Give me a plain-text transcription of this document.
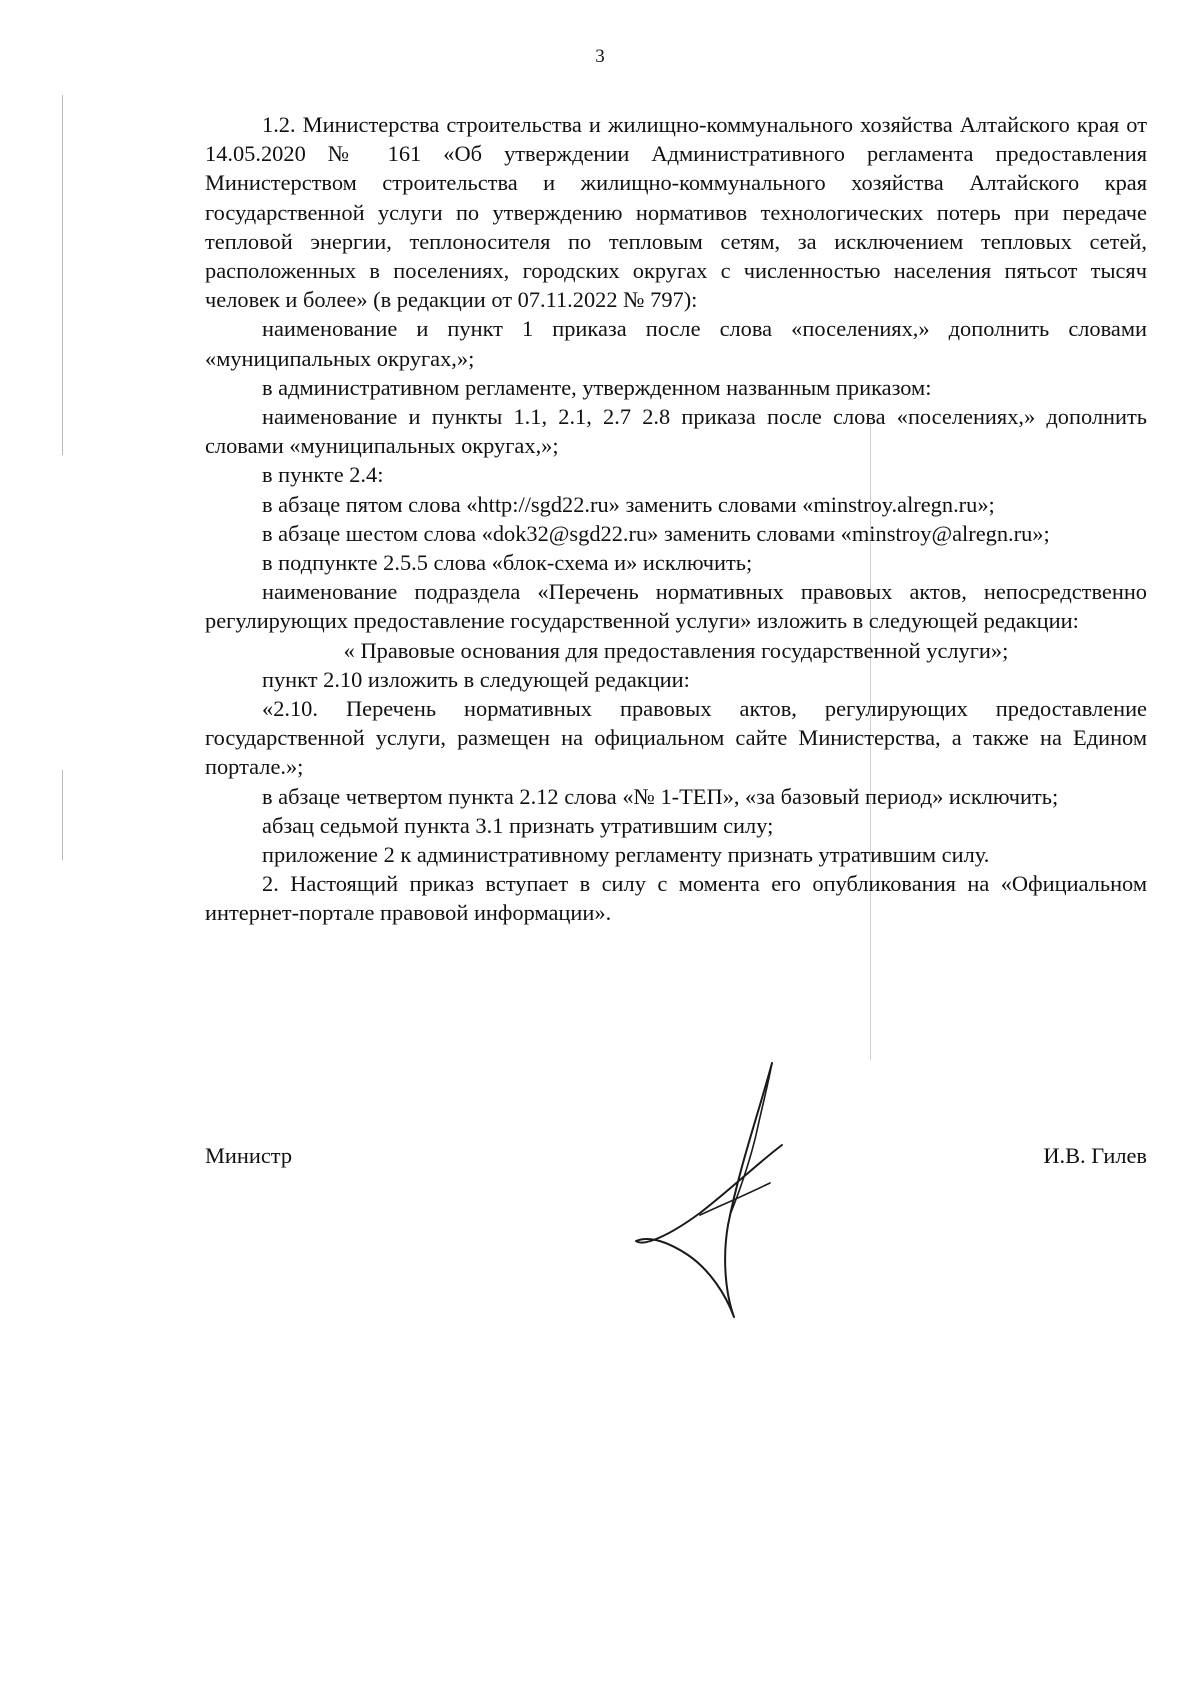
3

1.2. Министерства строительства и жилищно-коммунального хозяйства Алтайского края от 14.05.2020 № 161 «Об утверждении Административного регламента предоставления Министерством строительства и жилищно-коммунального хозяйства Алтайского края государственной услуги по утверждению нормативов технологических потерь при передаче тепловой энергии, теплоносителя по тепловым сетям, за исключением тепловых сетей, расположенных в поселениях, городских округах с численностью населения пятьсот тысяч человек и более» (в редакции от 07.11.2022 № 797):

наименование и пункт 1 приказа после слова «поселениях,» дополнить словами «муниципальных округах,»;

в административном регламенте, утвержденном названным приказом:

наименование и пункты 1.1, 2.1, 2.7 2.8 приказа после слова «поселениях,» дополнить словами «муниципальных округах,»;

в пункте 2.4:

в абзаце пятом слова «http://sgd22.ru» заменить словами «minstroy.alregn.ru»;

в абзаце шестом слова «dok32@sgd22.ru» заменить словами «minstroy@alregn.ru»;

в подпункте 2.5.5 слова «блок-схема и» исключить;

наименование подраздела «Перечень нормативных правовых актов, непосредственно регулирующих предоставление государственной услуги» изложить в следующей редакции:

« Правовые основания для предоставления государственной услуги»;

пункт 2.10 изложить в следующей редакции:

«2.10. Перечень нормативных правовых актов, регулирующих предоставление государственной услуги, размещен на официальном сайте Министерства, а также на Едином портале.»;

в абзаце четвертом пункта 2.12 слова «№ 1-ТЕП», «за базовый период» исключить;

абзац седьмой пункта 3.1 признать утратившим силу;

приложение 2 к административному регламенту признать утратившим силу.

2. Настоящий приказ вступает в силу с момента его опубликования на «Официальном интернет-портале правовой информации».

Министр	И.В. Гилев
